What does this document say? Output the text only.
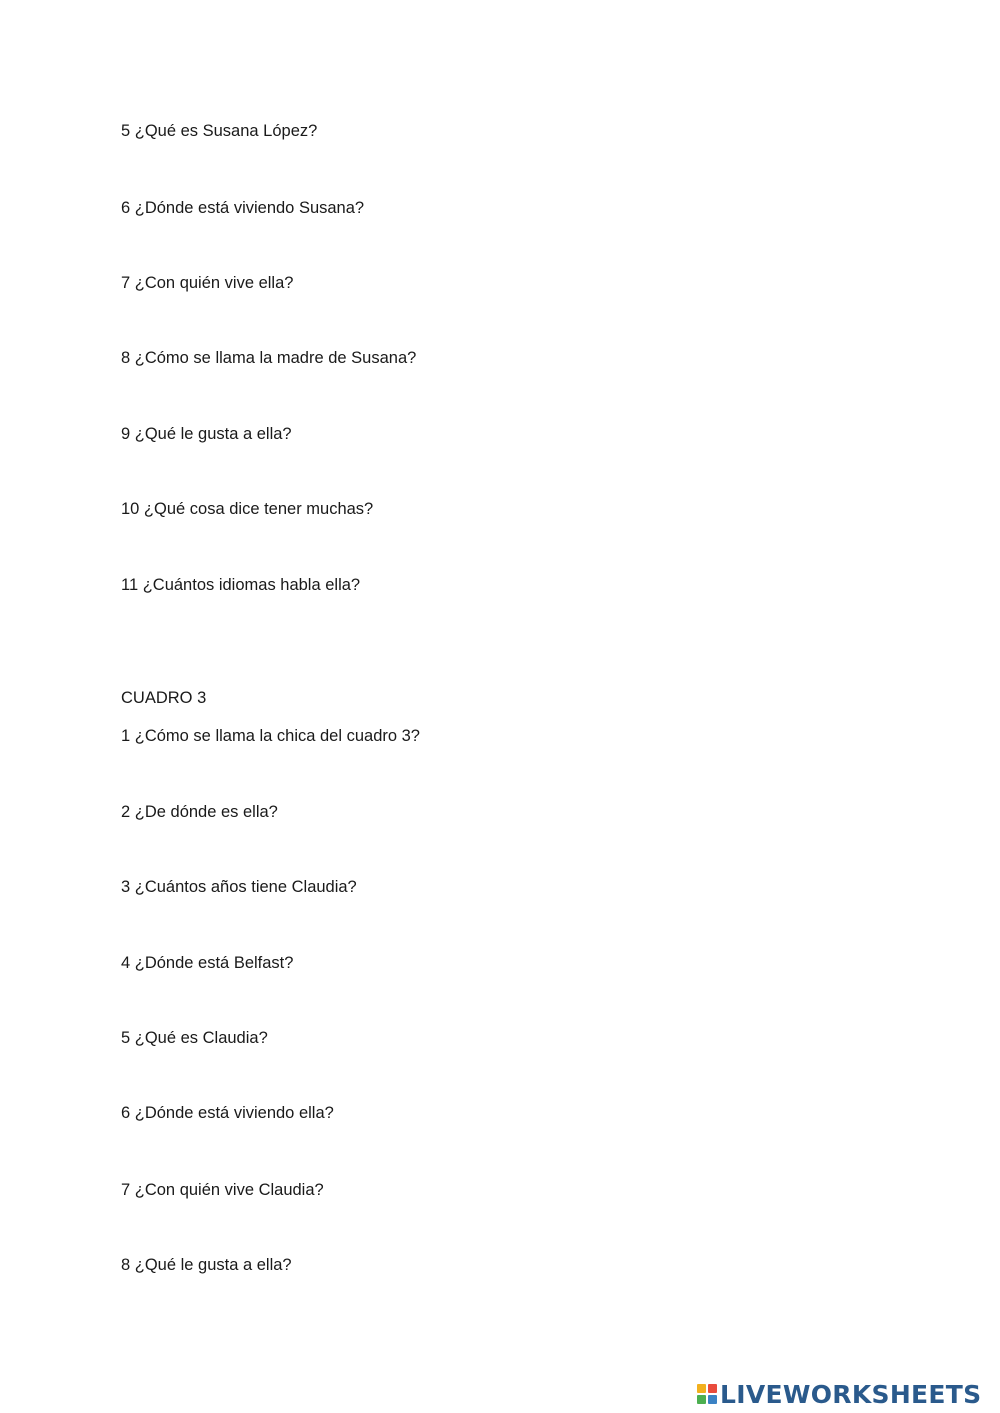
5 ¿Qué es Susana López?
6 ¿Dónde está viviendo Susana?
7 ¿Con quién vive ella?
8 ¿Cómo se llama la madre de Susana?
9 ¿Qué le gusta a ella?
10 ¿Qué cosa dice tener muchas?
11 ¿Cuántos idiomas habla ella?
CUADRO 3
1 ¿Cómo se llama la chica del cuadro 3?
2 ¿De dónde es ella?
3 ¿Cuántos años tiene Claudia?
4 ¿Dónde está Belfast?
5 ¿Qué es Claudia?
6 ¿Dónde está viviendo ella?
7 ¿Con quién vive Claudia?
8 ¿Qué le gusta a ella?
LIVEWORKSHEETS
